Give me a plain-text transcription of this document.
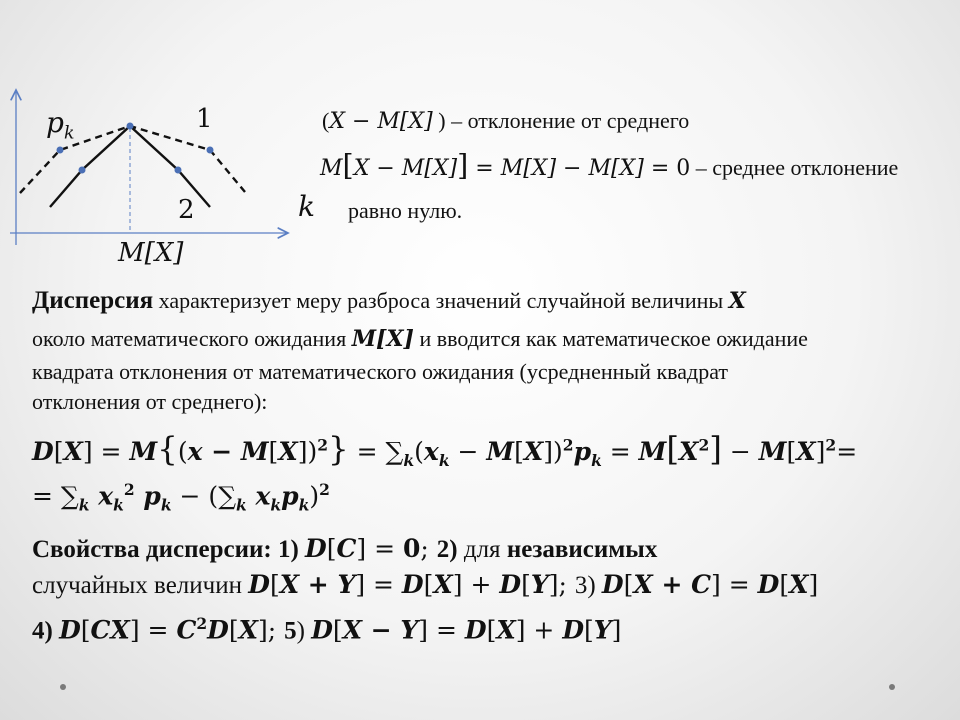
$p_k$	1
2	k
M[X]
(X − M[X] ) – отклонение от среднего
M[X − M[X]] = M[X] − M[X] = 0 – среднее отклонение
равно нулю.
Дисперсия характеризует меру разброса значений случайной величины X
около математического ожидания M[X] и вводится как математическое ожидание
квадрата отклонения от математического ожидания (усредненный квадрат
отклонения от среднего):
$D[X] = M\{(x - M[X])^2\} = \sum_k(x_k - M[X])^2p_k = M[X^2] - M[X]^2=$
= $\sum_k$ $x_k^2$ $p_k - (\sum_k$ $x_kp_k)^2$
Свойства дисперсии: 1) D[C] = 0; 2) для независимых
случайных величин D[X + Y] = D[X] + D[Y]; 3) D[X + C] = D[X]
4) $D[CX] = C^2D[X]$; 5) D[X − Y] = D[X] + D[Y]
